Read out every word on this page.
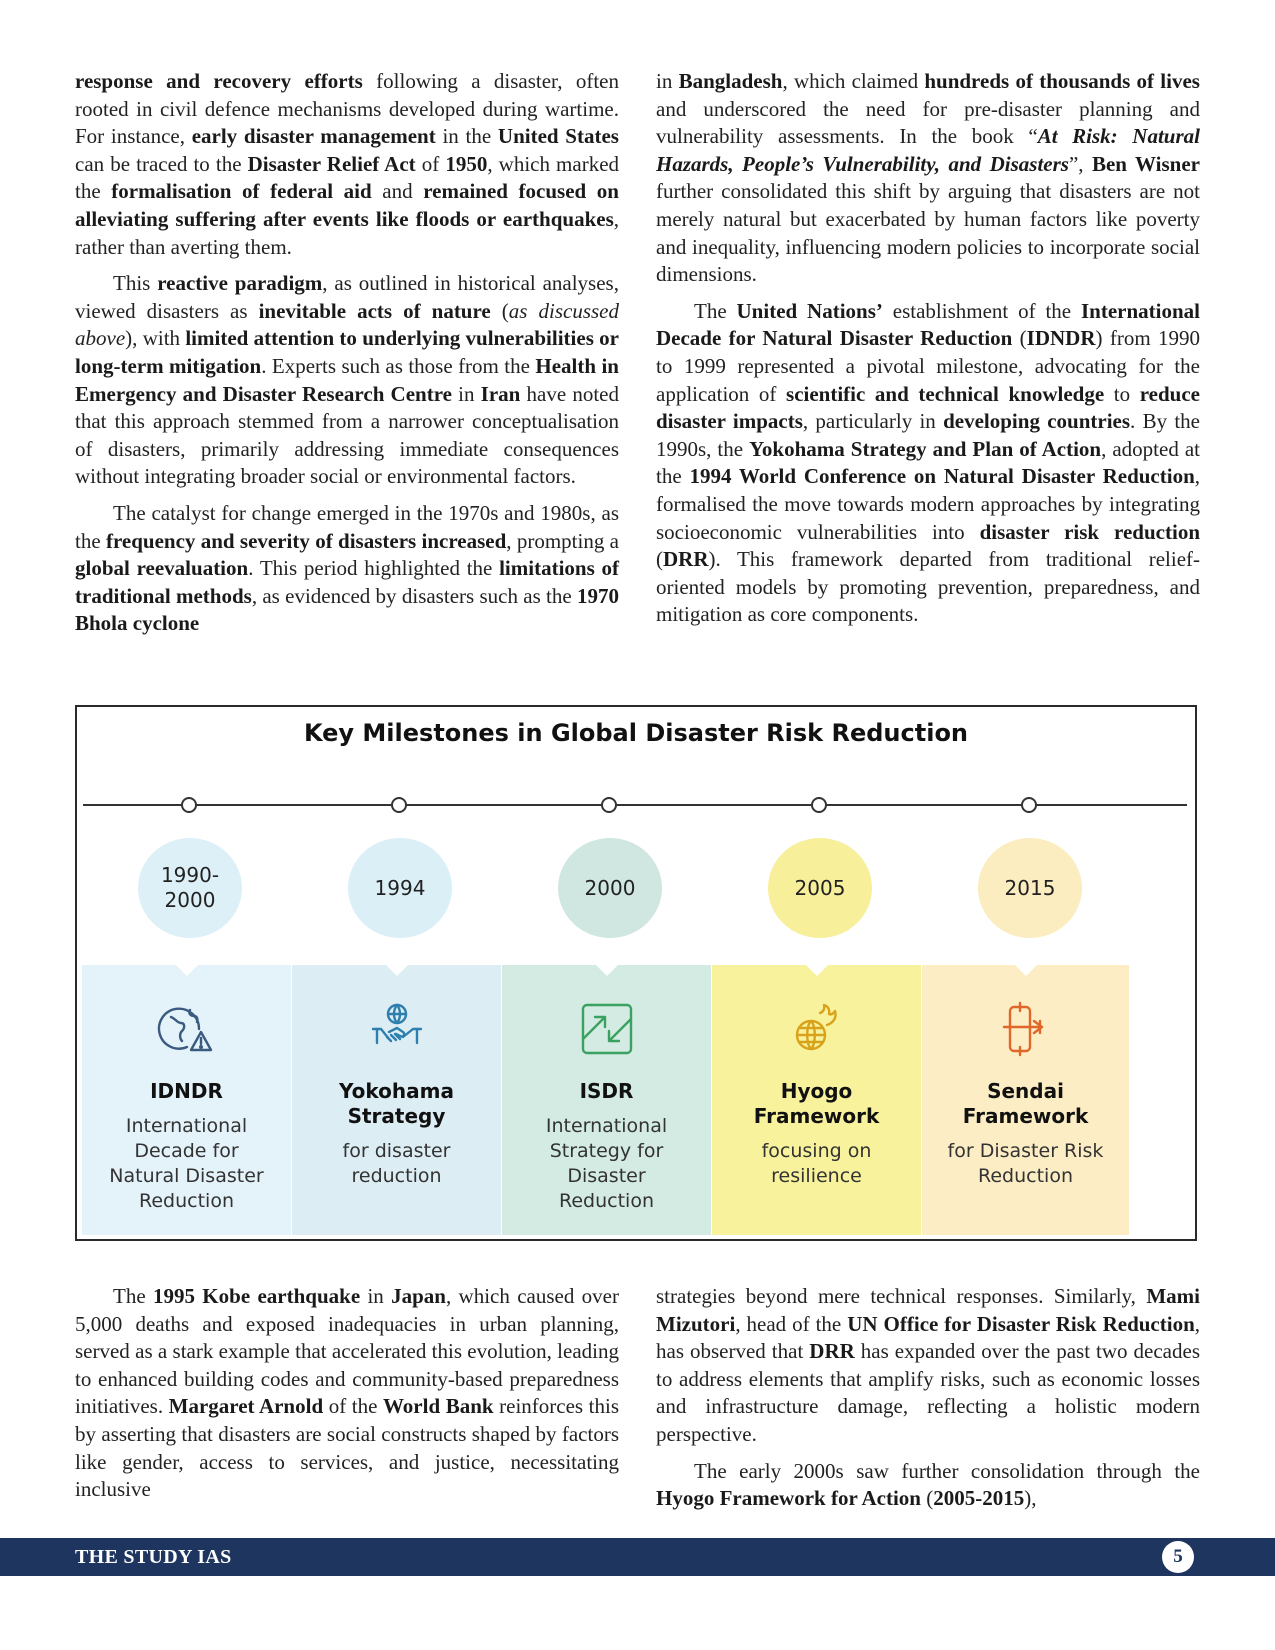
response and recovery efforts following a disaster, often rooted in civil defence mechanisms developed during wartime. For instance, early disaster management in the United States can be traced to the Disaster Relief Act of 1950, which marked the formalisation of federal aid and remained focused on alleviating suffering after events like floods or earthquakes, rather than averting them.

This reactive paradigm, as outlined in historical analyses, viewed disasters as inevitable acts of nature (as discussed above), with limited attention to underlying vulnerabilities or long-term mitigation. Experts such as those from the Health in Emergency and Disaster Research Centre in Iran have noted that this approach stemmed from a narrower conceptualisation of disasters, primarily addressing immediate consequences without integrating broader social or environmental factors.

The catalyst for change emerged in the 1970s and 1980s, as the frequency and severity of disasters increased, prompting a global reevaluation. This period highlighted the limitations of traditional methods, as evidenced by disasters such as the 1970 Bhola cyclone

in Bangladesh, which claimed hundreds of thousands of lives and underscored the need for pre-disaster planning and vulnerability assessments. In the book “At Risk: Natural Hazards, People’s Vulnerability, and Disasters”, Ben Wisner further consolidated this shift by arguing that disasters are not merely natural but exacerbated by human factors like poverty and inequality, influencing modern policies to incorporate social dimensions.

The United Nations’ establishment of the International Decade for Natural Disaster Reduction (IDNDR) from 1990 to 1999 represented a pivotal milestone, advocating for the application of scientific and technical knowledge to reduce disaster impacts, particularly in developing countries. By the 1990s, the Yokohama Strategy and Plan of Action, adopted at the 1994 World Conference on Natural Disaster Reduction, formalised the move towards modern approaches by integrating socioeconomic vulnerabilities into disaster risk reduction (DRR). This framework departed from traditional relief-oriented models by promoting prevention, preparedness, and mitigation as core components.

Key Milestones in Global Disaster Risk Reduction
1990-
2000
IDNDR
International
Decade for
Natural Disaster
Reduction
1994
Yokohama
Strategy
for disaster
reduction
2000
ISDR
International
Strategy for
Disaster
Reduction
2005
Hyogo
Framework
focusing on
resilience
2015
Sendai
Framework
for Disaster Risk
Reduction

The 1995 Kobe earthquake in Japan, which caused over 5,000 deaths and exposed inadequacies in urban planning, served as a stark example that accelerated this evolution, leading to enhanced building codes and community-based preparedness initiatives. Margaret Arnold of the World Bank reinforces this by asserting that disasters are social constructs shaped by factors like gender, access to services, and justice, necessitating inclusive

strategies beyond mere technical responses. Similarly, Mami Mizutori, head of the UN Office for Disaster Risk Reduction, has observed that DRR has expanded over the past two decades to address elements that amplify risks, such as economic losses and infrastructure damage, reflecting a holistic modern perspective.

The early 2000s saw further consolidation through the Hyogo Framework for Action (2005-2015),

THE STUDY IAS	5
